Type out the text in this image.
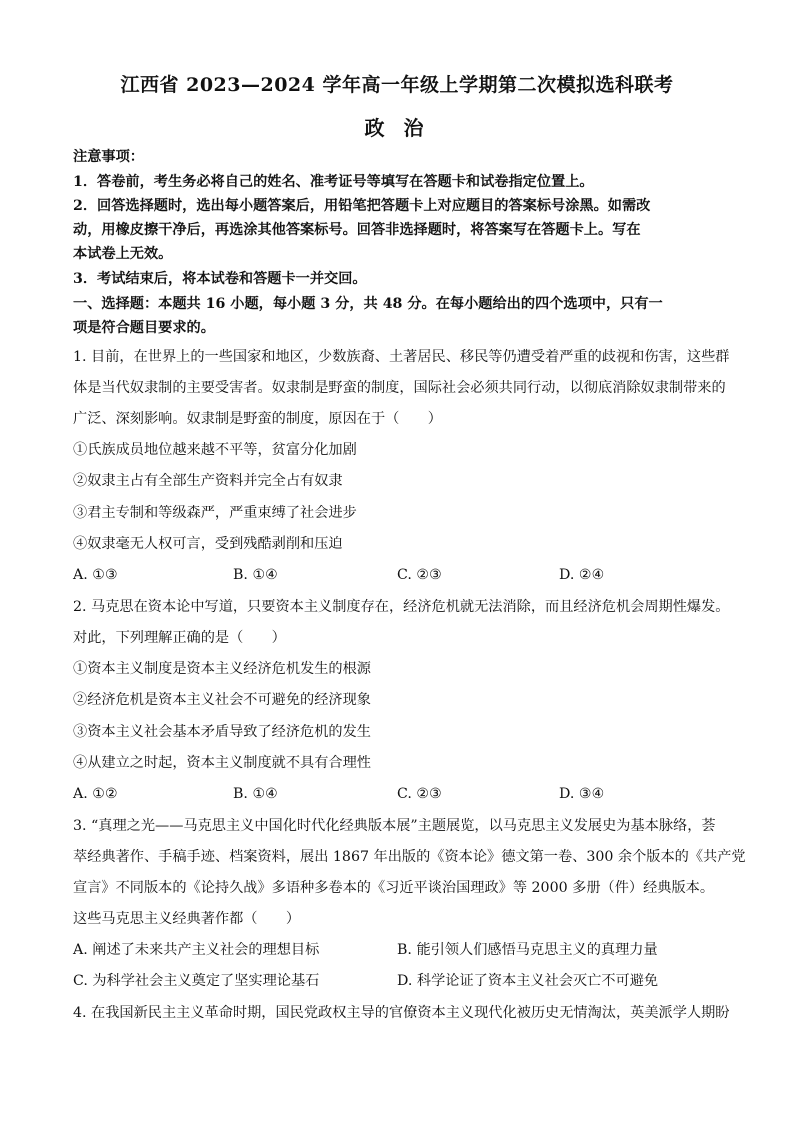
江西省 2023—2024 学年高一年级上学期第二次模拟选科联考
政 治
注意事项：
1．答卷前，考生务必将自己的姓名、准考证号等填写在答题卡和试卷指定位置上。
2．回答选择题时，选出每小题答案后，用铅笔把答题卡上对应题目的答案标号涂黑。如需改
动，用橡皮擦干净后，再选涂其他答案标号。回答非选择题时，将答案写在答题卡上。写在
本试卷上无效。
3．考试结束后，将本试卷和答题卡一并交回。
一、选择题：本题共 16 小题，每小题 3 分，共 48 分。在每小题给出的四个选项中，只有一
项是符合题目要求的。
1. 目前，在世界上的一些国家和地区，少数族裔、土著居民、移民等仍遭受着严重的歧视和伤害，这些群
体是当代奴隶制的主要受害者。奴隶制是野蛮的制度，国际社会必须共同行动，以彻底消除奴隶制带来的
广泛、深刻影响。奴隶制是野蛮的制度，原因在于（　　）
①氏族成员地位越来越不平等，贫富分化加剧
②奴隶主占有全部生产资料并完全占有奴隶
③君主专制和等级森严，严重束缚了社会进步
④奴隶毫无人权可言，受到残酷剥削和压迫
A. ①③	B. ①④	C. ②③	D. ②④
2. 马克思在资本论中写道，只要资本主义制度存在，经济危机就无法消除，而且经济危机会周期性爆发。
对此，下列理解正确的是（　　）
①资本主义制度是资本主义经济危机发生的根源
②经济危机是资本主义社会不可避免的经济现象
③资本主义社会基本矛盾导致了经济危机的发生
④从建立之时起，资本主义制度就不具有合理性
A. ①②	B. ①④	C. ②③	D. ③④
3. “真理之光——马克思主义中国化时代化经典版本展”主题展览，以马克思主义发展史为基本脉络，荟
萃经典著作、手稿手迹、档案资料，展出 1867 年出版的《资本论》德文第一卷、300 余个版本的《共产党
宣言》不同版本的《论持久战》多语种多卷本的《习近平谈治国理政》等 2000 多册（件）经典版本。
这些马克思主义经典著作都（　　）
A. 阐述了未来共产主义社会的理想目标	B. 能引领人们感悟马克思主义的真理力量
C. 为科学社会主义奠定了坚实理论基石	D. 科学论证了资本主义社会灭亡不可避免
4. 在我国新民主主义革命时期，国民党政权主导的官僚资本主义现代化被历史无情淘汰，英美派学人期盼
